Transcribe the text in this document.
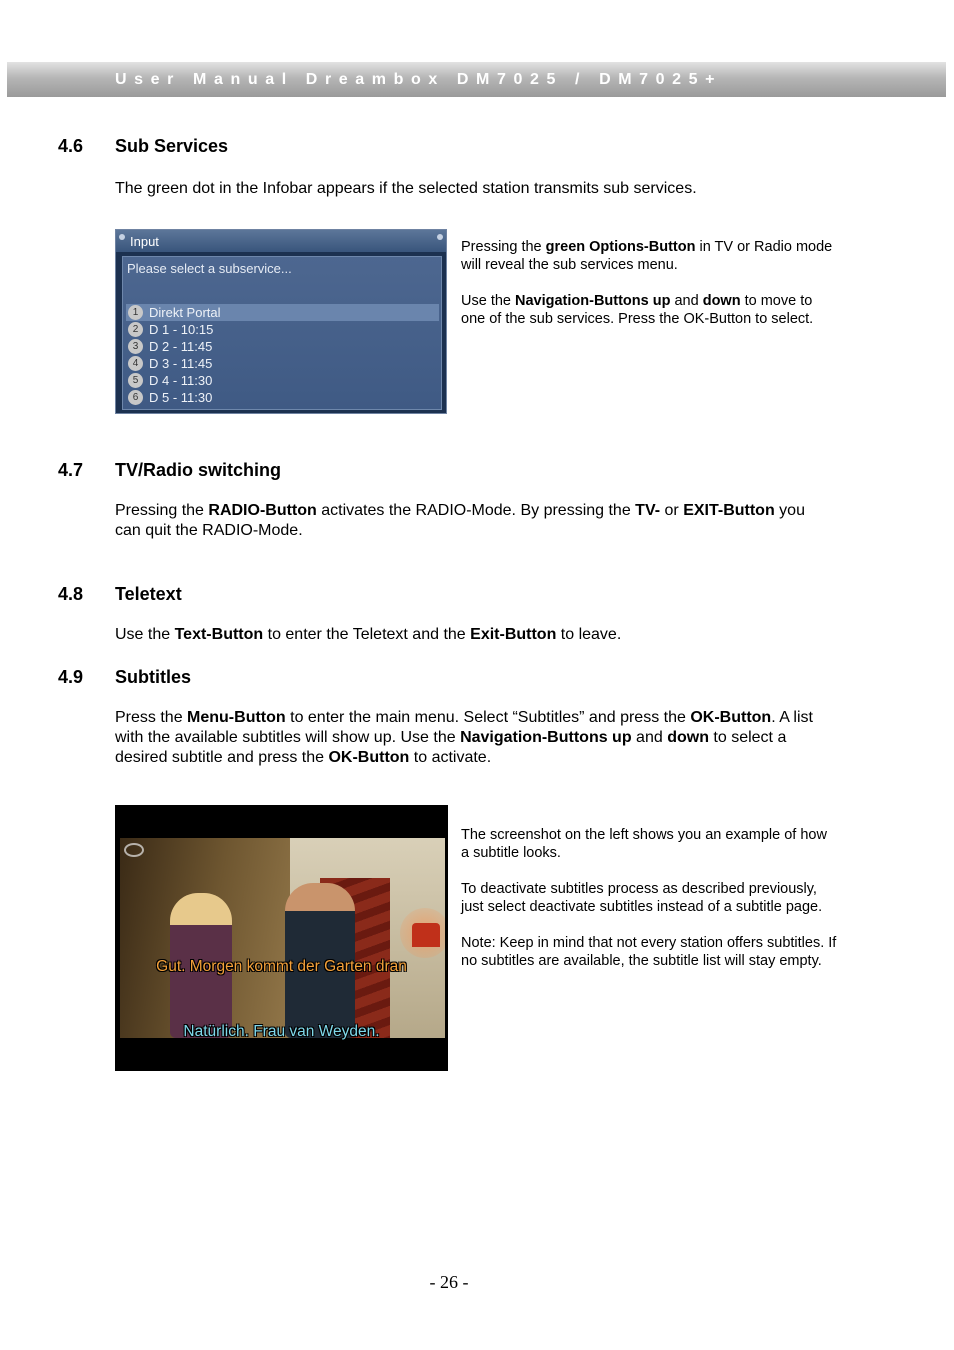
User Manual Dreambox DM7025 / DM7025+
4.6 Sub Services
The green dot in the Infobar appears if the selected station transmits sub services.
Input
Please select a subservice...
1 Direkt Portal
2 D 1 - 10:15
3 D 2 - 11:45
4 D 3 - 11:45
5 D 4 - 11:30
6 D 5 - 11:30

Pressing the green Options-Button in TV or Radio mode will reveal the sub services menu.

Use the Navigation-Buttons up and down to move to one of the sub services. Press the OK-Button to select.

4.7 TV/Radio switching
Pressing the RADIO-Button activates the RADIO-Mode. By pressing the TV- or EXIT-Button you can quit the RADIO-Mode.
4.8 Teletext
Use the Text-Button to enter the Teletext and the Exit-Button to leave.
4.9 Subtitles
Press the Menu-Button to enter the main menu. Select “Subtitles” and press the OK-Button. A list with the available subtitles will show up. Use the Navigation-Buttons up and down to select a desired subtitle and press the OK-Button to activate.
Gut. Morgen kommt der Garten dran
Natürlich. Frau van Weyden.

The screenshot on the left shows you an example of how a subtitle looks.

To deactivate subtitles process as described previously, just select deactivate subtitles instead of a subtitle page.

Note: Keep in mind that not every station offers subtitles. If no subtitles are available, the subtitle list will stay empty.

- 26 -
